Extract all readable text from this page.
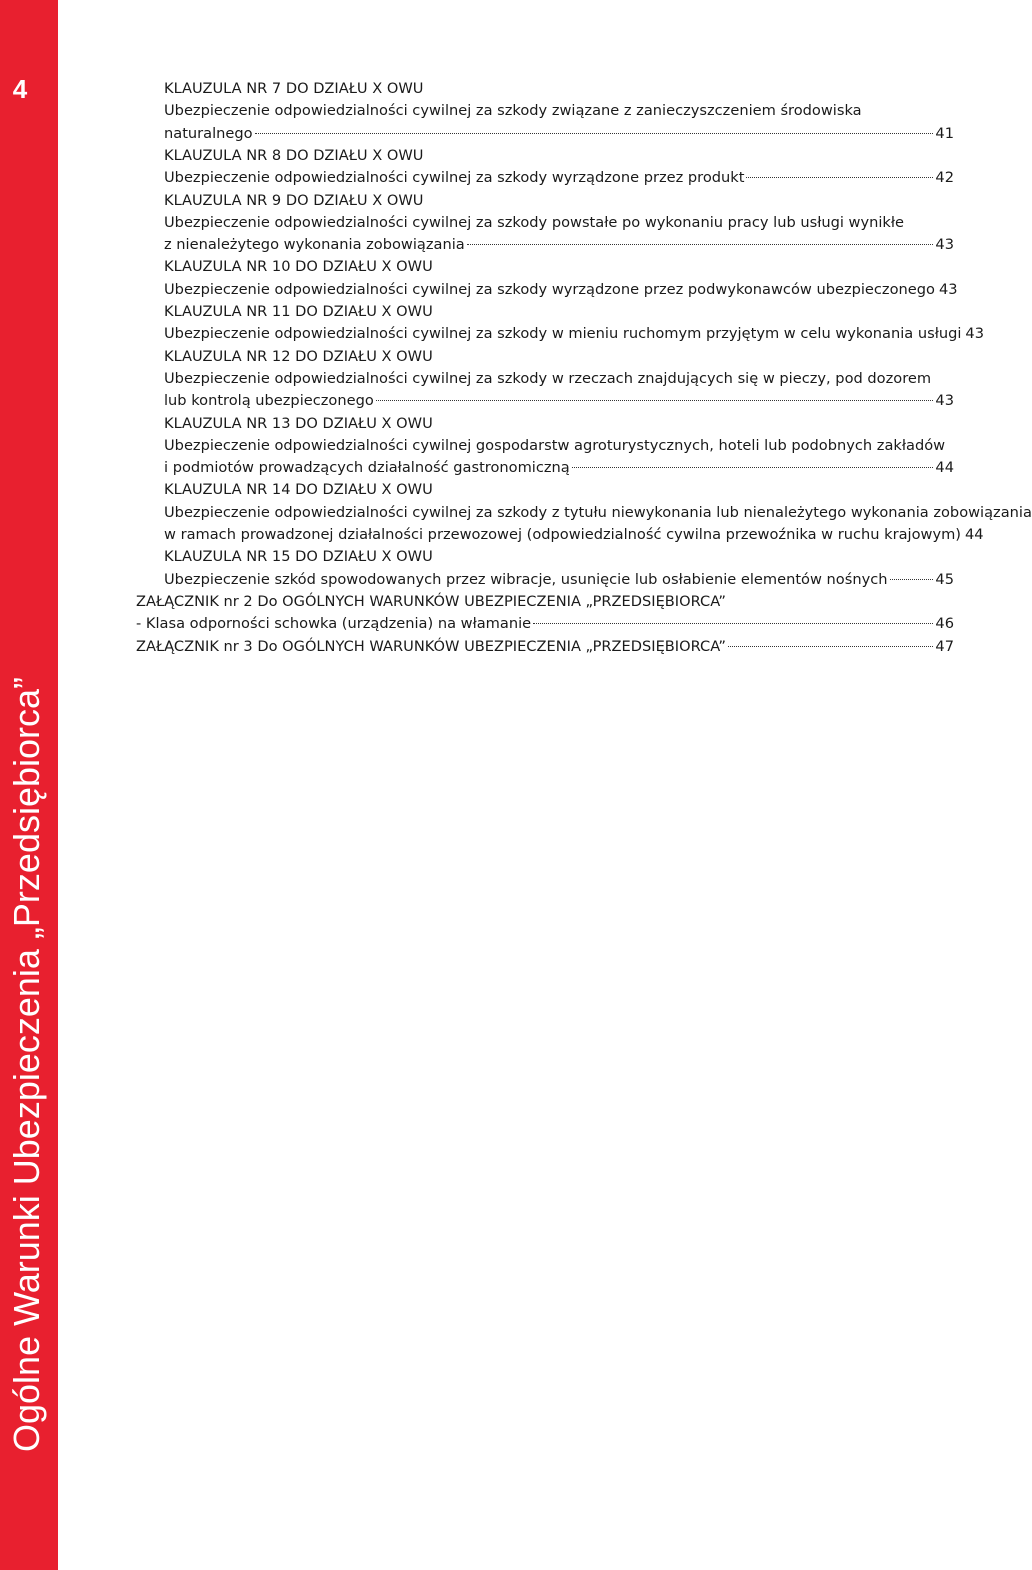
4
Ogólne Warunki Ubezpieczenia „Przedsiębiorca”
KLAUZULA NR 7 DO DZIAŁU X OWU
Ubezpieczenie odpowiedzialności cywilnej za szkody związane z zanieczyszczeniem środowiska
naturalnego	41
KLAUZULA NR 8 DO DZIAŁU X OWU
Ubezpieczenie odpowiedzialności cywilnej za szkody wyrządzone przez produkt	42
KLAUZULA NR 9 DO DZIAŁU X OWU
Ubezpieczenie odpowiedzialności cywilnej za szkody powstałe po wykonaniu pracy lub usługi wynikłe
z nienależytego wykonania zobowiązania	43
KLAUZULA NR 10 DO DZIAŁU X OWU
Ubezpieczenie odpowiedzialności cywilnej za szkody wyrządzone przez podwykonawców ubezpieczonego 43
KLAUZULA NR 11 DO DZIAŁU X OWU
Ubezpieczenie odpowiedzialności cywilnej za szkody w mieniu ruchomym przyjętym w celu wykonania usługi 43
KLAUZULA NR 12 DO DZIAŁU X OWU
Ubezpieczenie odpowiedzialności cywilnej za szkody w rzeczach znajdujących się w pieczy, pod dozorem
lub kontrolą ubezpieczonego	43
KLAUZULA NR 13 DO DZIAŁU X OWU
Ubezpieczenie odpowiedzialności cywilnej gospodarstw agroturystycznych, hoteli lub podobnych zakładów
i podmiotów prowadzących działalność gastronomiczną	44
KLAUZULA NR 14 DO DZIAŁU X OWU
Ubezpieczenie odpowiedzialności cywilnej za szkody z tytułu niewykonania lub nienależytego wykonania zobowiązania
w ramach prowadzonej działalności przewozowej (odpowiedzialność cywilna przewoźnika w ruchu krajowym) 44
KLAUZULA NR 15 DO DZIAŁU X OWU
Ubezpieczenie szkód spowodowanych przez wibracje, usunięcie lub osłabienie elementów nośnych	45
ZAŁĄCZNIK nr 2 Do OGÓLNYCH WARUNKÓW UBEZPIECZENIA „PRZEDSIĘBIORCA”
- Klasa odporności schowka (urządzenia) na włamanie	46
ZAŁĄCZNIK nr 3 Do OGÓLNYCH WARUNKÓW UBEZPIECZENIA „PRZEDSIĘBIORCA”	47
